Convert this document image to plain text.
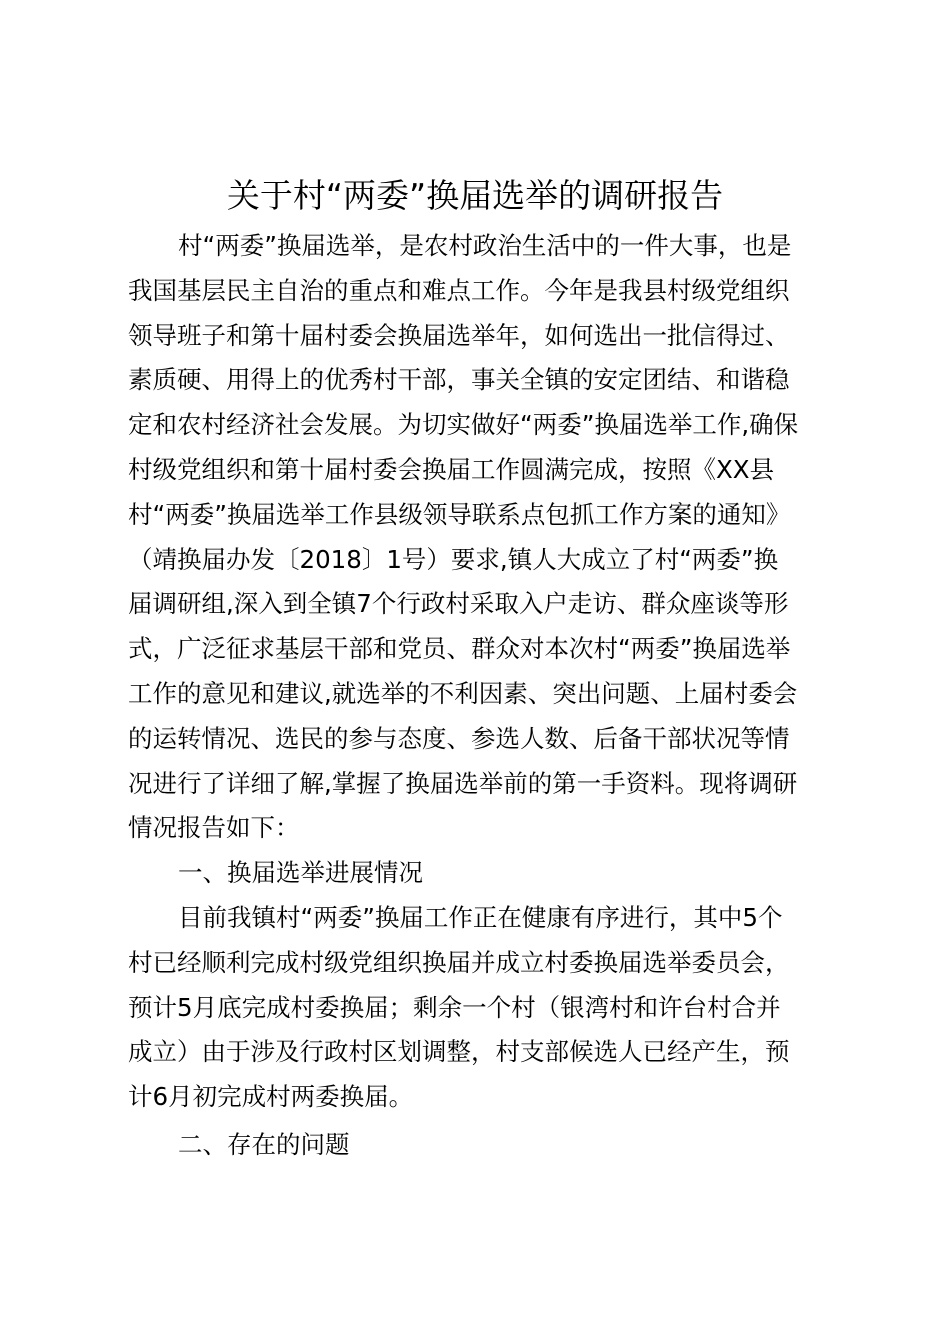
关于村“两委”换届选举的调研报告
村“两委”换届选举，是农村政治生活中的一件大事，也是
我国基层民主自治的重点和难点工作。今年是我县村级党组织
领导班子和第十届村委会换届选举年，如何选出一批信得过、
素质硬、用得上的优秀村干部，事关全镇的安定团结、和谐稳
定和农村经济社会发展。为切实做好“两委”换届选举工作,确保
村级党组织和第十届村委会换届工作圆满完成，按照《XX县
村“两委”换届选举工作县级领导联系点包抓工作方案的通知》
（靖换届办发〔2018〕1号）要求,镇人大成立了村“两委”换
届调研组,深入到全镇7个行政村采取入户走访、群众座谈等形
式，广泛征求基层干部和党员、群众对本次村“两委”换届选举
工作的意见和建议,就选举的不利因素、突出问题、上届村委会
的运转情况、选民的参与态度、参选人数、后备干部状况等情
况进行了详细了解,掌握了换届选举前的第一手资料。现将调研
情况报告如下：
一、换届选举进展情况
目前我镇村“两委”换届工作正在健康有序进行，其中5个
村已经顺利完成村级党组织换届并成立村委换届选举委员会，
预计5月底完成村委换届；剩余一个村（银湾村和许台村合并
成立）由于涉及行政村区划调整，村支部候选人已经产生，预
计6月初完成村两委换届。
二、存在的问题
